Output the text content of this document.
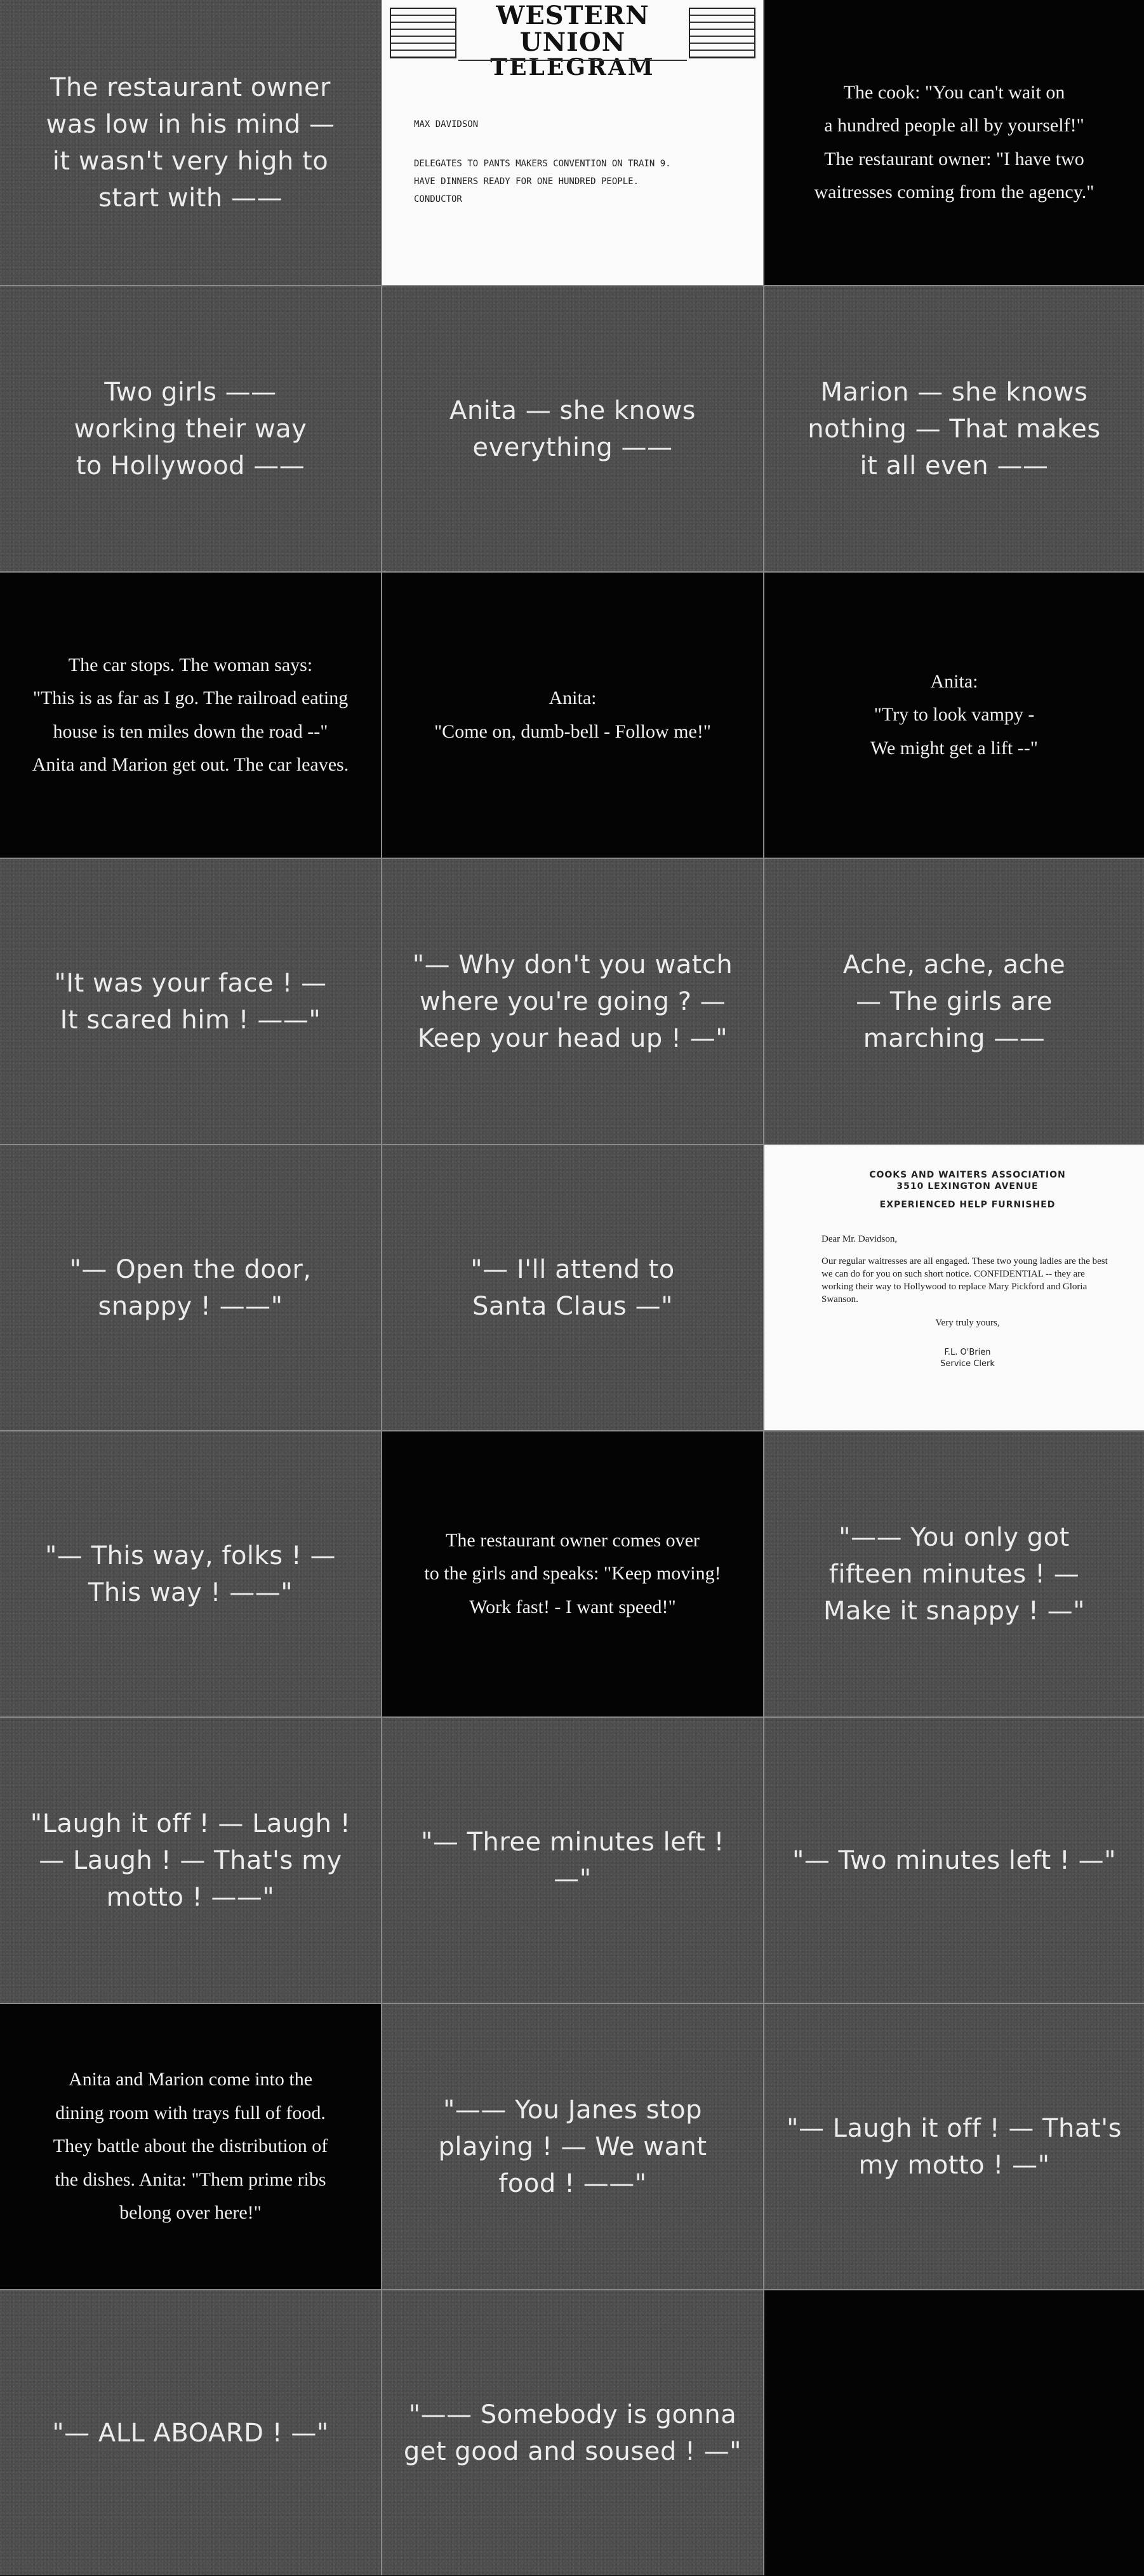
The restaurant owner
was low in his mind —
it wasn't very high to
start with ——
WESTERN UNION
TELEGRAM
MAX DAVIDSON
DELEGATES TO PANTS MAKERS CONVENTION ON TRAIN 9.
HAVE DINNERS READY FOR ONE HUNDRED PEOPLE.
CONDUCTOR
The cook: "You can't wait on
a hundred people all by yourself!"
The restaurant owner: "I have two
waitresses coming from the agency."
Two girls ——
working their way
to Hollywood ——
Anita — she knows
everything ——
Marion — she knows
nothing — That makes
it all even ——
The car stops. The woman says:
"This is as far as I go. The railroad eating
house is ten miles down the road --"
Anita and Marion get out. The car leaves.
Anita:
"Come on, dumb-bell - Follow me!"
Anita:
"Try to look vampy -
We might get a lift --"
"It was your face ! —
It scared him ! ——"
"— Why don't you watch
where you're going ? —
Keep your head up ! —"
Ache, ache, ache
— The girls are
marching ——
"— Open the door,
snappy ! ——"
"— I'll attend to
Santa Claus —"
COOKS AND WAITERS ASSOCIATION
3510 LEXINGTON AVENUE
EXPERIENCED HELP FURNISHED
Dear Mr. Davidson,
Our regular waitresses are all engaged. These two young ladies are the best we can do for you on such short notice. CONFIDENTIAL -- they are working their way to Hollywood to replace Mary Pickford and Gloria Swanson.
Very truly yours,
F.L. O'Brien
Service Clerk
"— This way, folks ! —
This way ! ——"
The restaurant owner comes over
to the girls and speaks: "Keep moving!
Work fast! - I want speed!"
"—— You only got
fifteen minutes ! —
Make it snappy ! —"
"Laugh it off ! — Laugh !
— Laugh ! — That's my
motto ! ——"
"— Three minutes left ! —"
"— Two minutes left ! —"
Anita and Marion come into the
dining room with trays full of food.
They battle about the distribution of
the dishes. Anita: "Them prime ribs
belong over here!"
"—— You Janes stop
playing ! — We want
food ! ——"
"— Laugh it off ! — That's
my motto ! —"
"— ALL ABOARD ! —"
"—— Somebody is gonna
get good and soused ! —"
